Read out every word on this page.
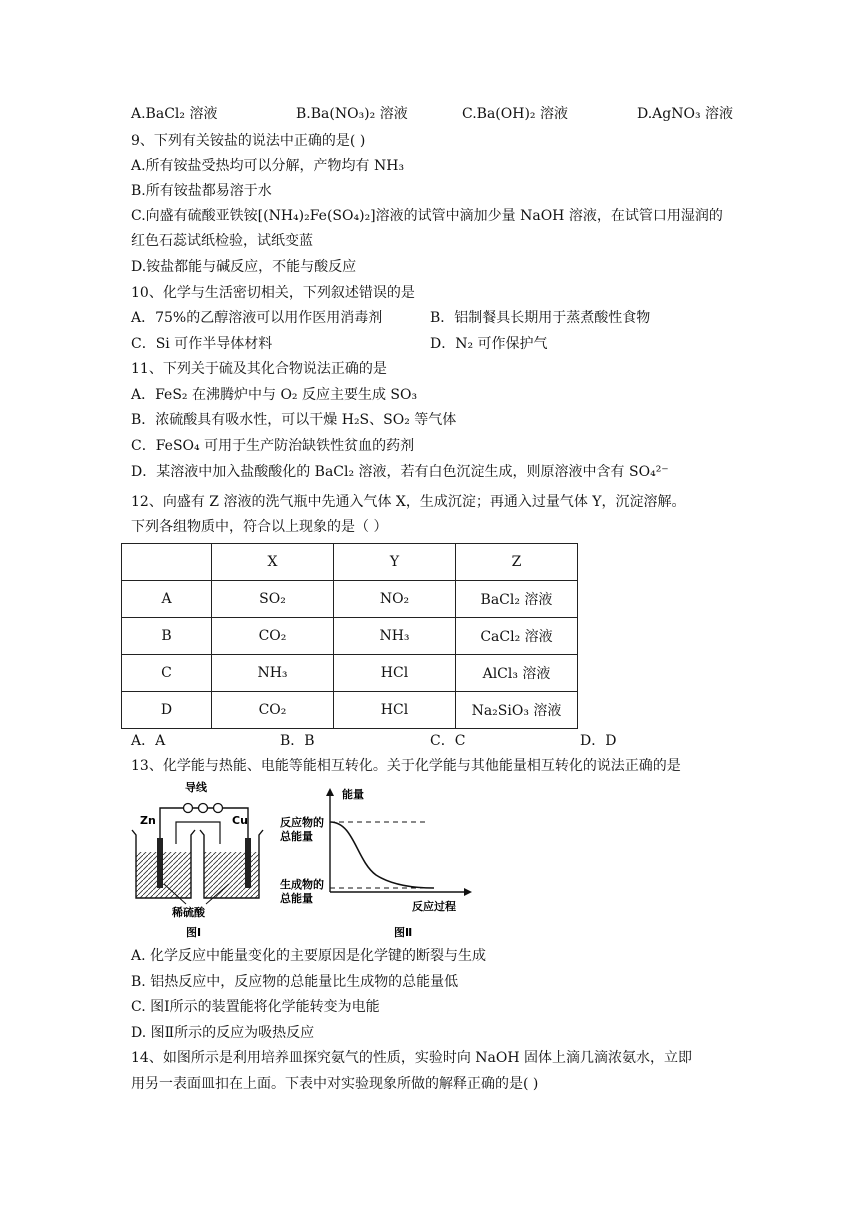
A.BaCl₂ 溶液	B.Ba(NO₃)₂ 溶液	C.Ba(OH)₂ 溶液	D.AgNO₃ 溶液
9、下列有关铵盐的说法中正确的是( )
A.所有铵盐受热均可以分解，产物均有 NH₃
B.所有铵盐都易溶于水
C.向盛有硫酸亚铁铵[(NH₄)₂Fe(SO₄)₂]溶液的试管中滴加少量 NaOH 溶液，在试管口用湿润的
红色石蕊试纸检验，试纸变蓝
D.铵盐都能与碱反应，不能与酸反应
10、化学与生活密切相关，下列叙述错误的是
A．75%的乙醇溶液可以用作医用消毒剂	B．铝制餐具长期用于蒸煮酸性食物
C．Si 可作半导体材料	D．N₂ 可作保护气
11、下列关于硫及其化合物说法正确的是
A．FeS₂ 在沸腾炉中与 O₂ 反应主要生成 SO₃
B．浓硫酸具有吸水性，可以干燥 H₂S、SO₂ 等气体
C．FeSO₄ 可用于生产防治缺铁性贫血的药剂
D．某溶液中加入盐酸酸化的 BaCl₂ 溶液，若有白色沉淀生成，则原溶液中含有 SO₄²⁻
12、向盛有 Z 溶液的洗气瓶中先通入气体 X，生成沉淀；再通入过量气体 Y，沉淀溶解。
下列各组物质中，符合以上现象的是（ ）
	X	Y	Z
A	SO₂	NO₂	BaCl₂ 溶液
B	CO₂	NH₃	CaCl₂ 溶液
C	NH₃	HCl	AlCl₃ 溶液
D	CO₂	HCl	Na₂SiO₃ 溶液
A．A	B．B	C．C	D．D
13、化学能与热能、电能等能相互转化。关于化学能与其他能量相互转化的说法正确的是
导线
Zn	Cu
稀硫酸
图Ⅰ
能量
反应物的
总能量
生成物的
总能量
反应过程
图Ⅱ
A. 化学反应中能量变化的主要原因是化学键的断裂与生成
B. 铝热反应中，反应物的总能量比生成物的总能量低
C. 图Ⅰ所示的装置能将化学能转变为电能
D. 图Ⅱ所示的反应为吸热反应
14、如图所示是利用培养皿探究氨气的性质，实验时向 NaOH 固体上滴几滴浓氨水，立即
用另一表面皿扣在上面。下表中对实验现象所做的解释正确的是( )
